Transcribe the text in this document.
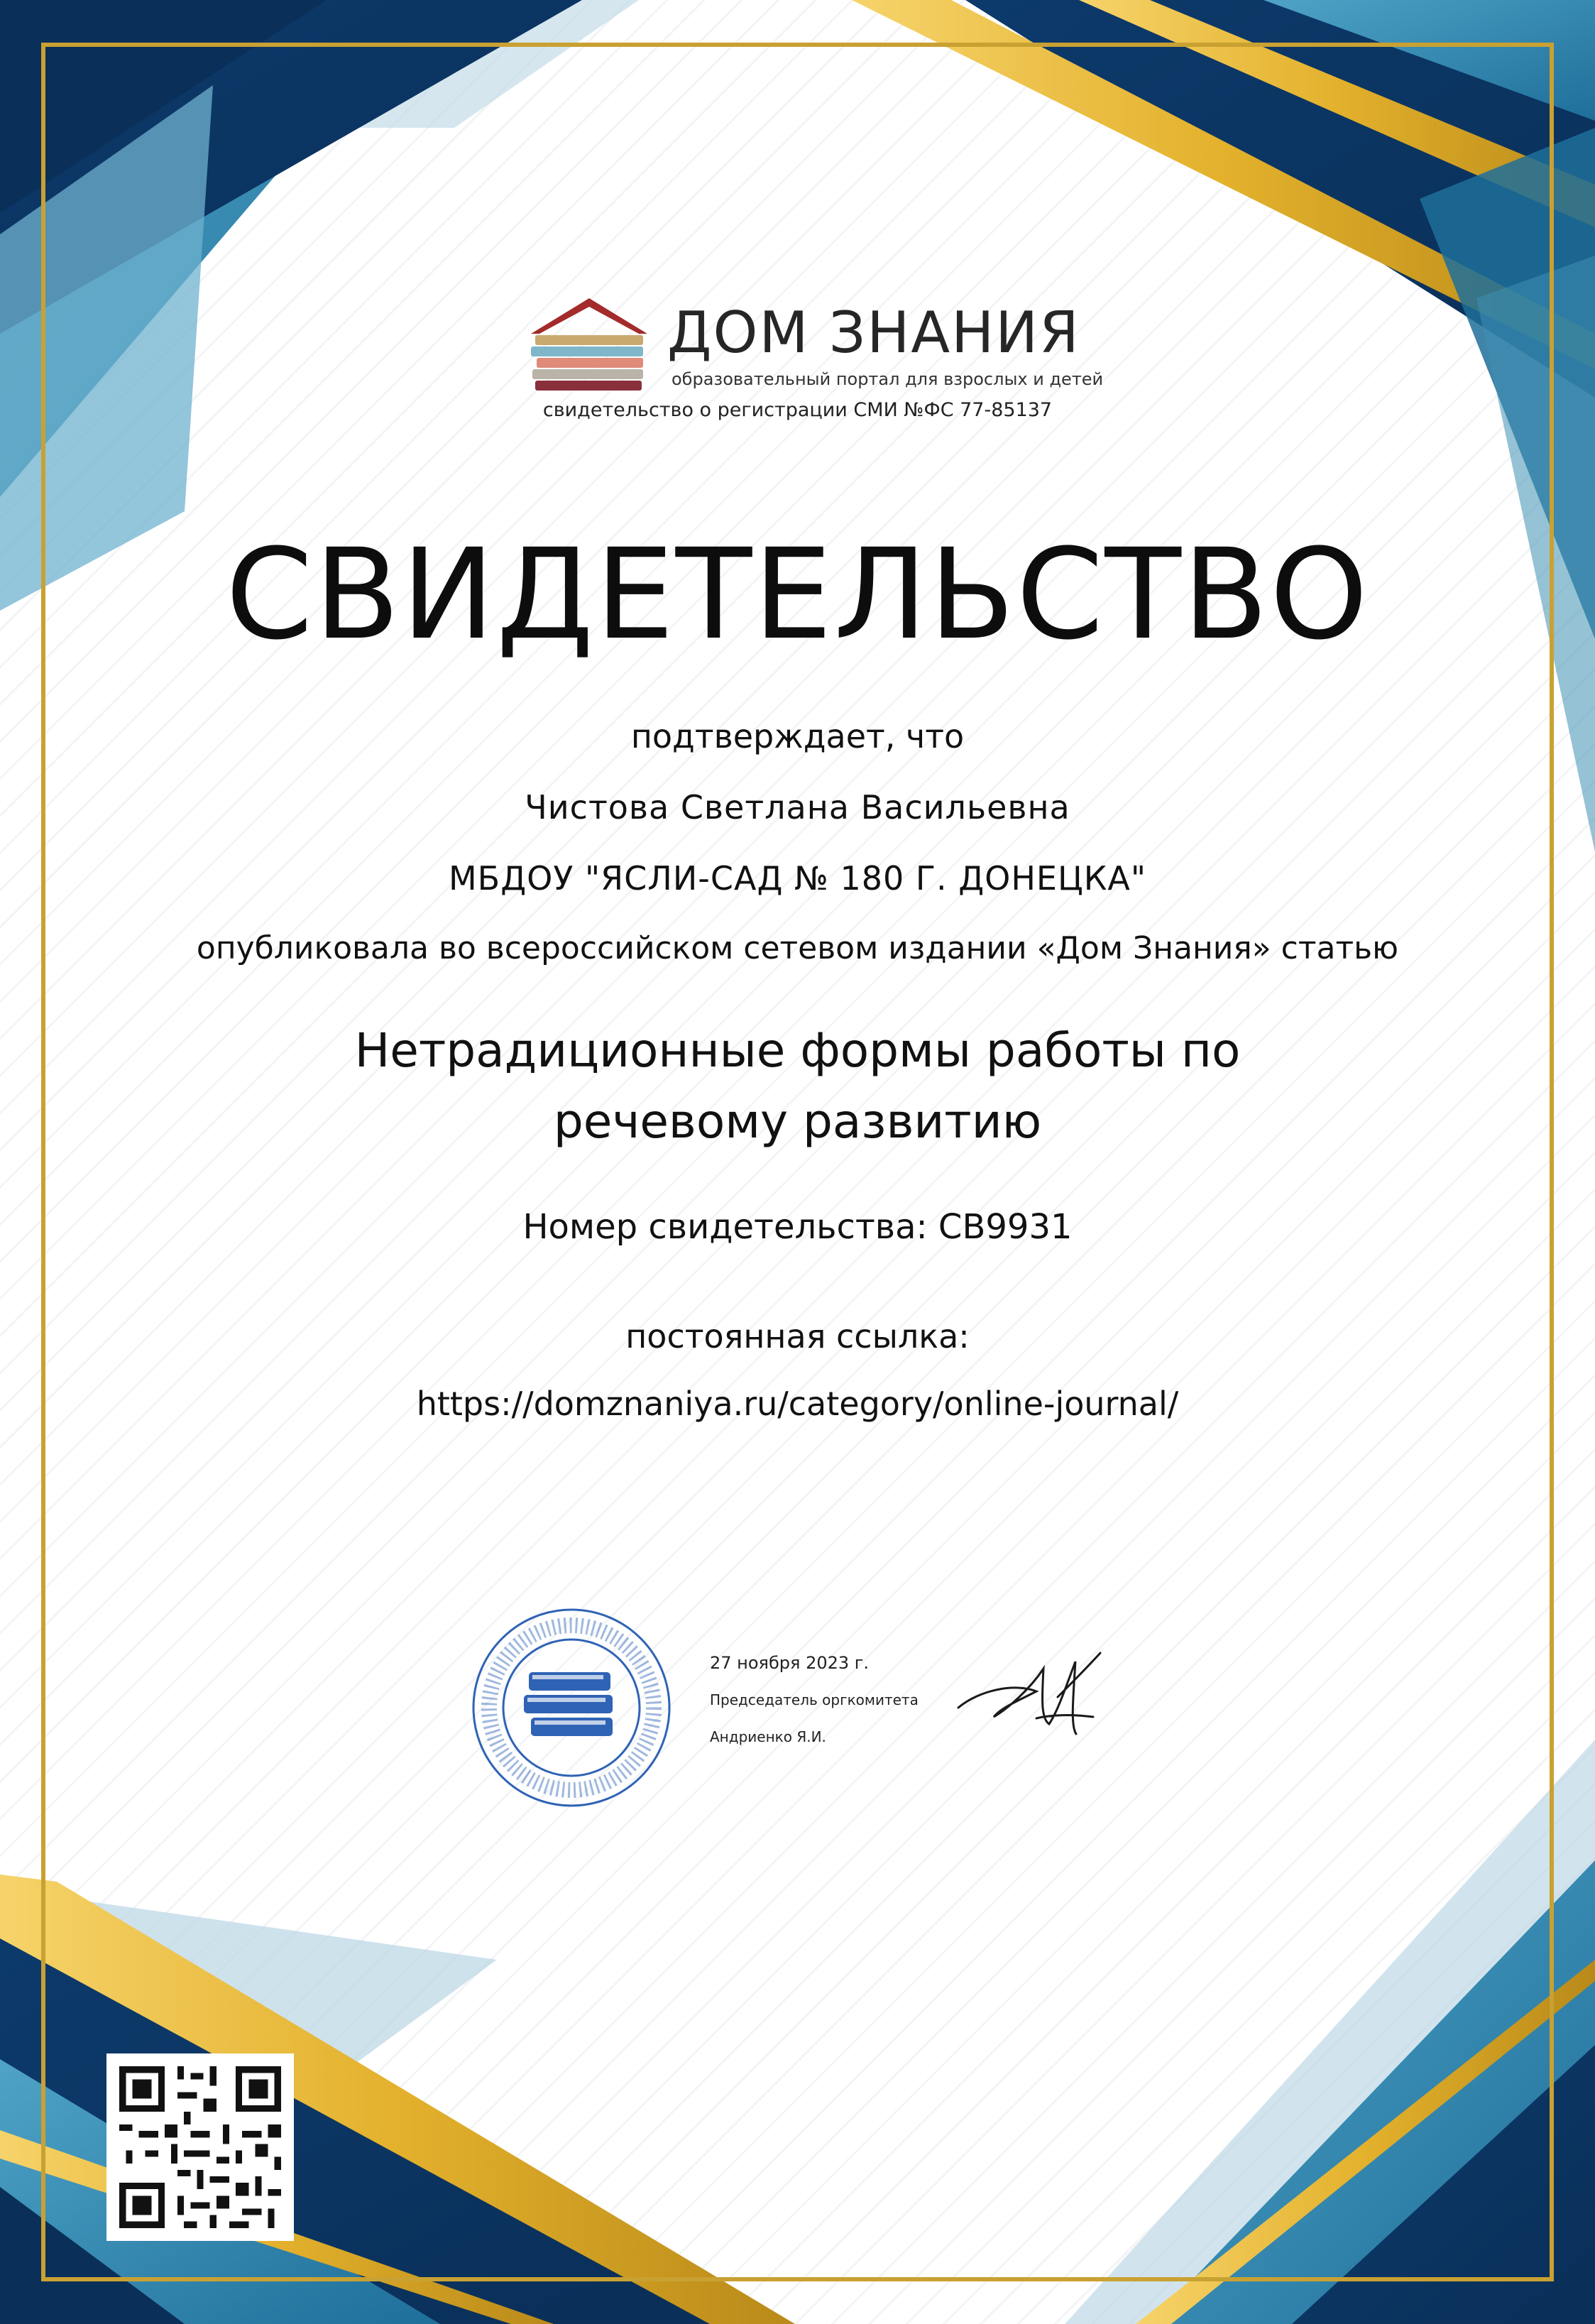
ДОМ ЗНАНИЯ
образовательный портал для взрослых и детей
свидетельство о регистрации СМИ №ФС 77-85137
СВИДЕТЕЛЬСТВО
подтверждает, что
Чистова Светлана Васильевна
МБДОУ "ЯСЛИ-САД № 180 Г. ДОНЕЦКА"
опубликовала во всероссийском сетевом издании «Дом Знания» статью
Нетрадиционные формы работы по речевому развитию
Номер свидетельства: СВ9931
постоянная ссылка:
https://domznaniya.ru/category/online-journal/
27 ноября 2023 г.
Председатель оргкомитета
Андриенко Я.И.
